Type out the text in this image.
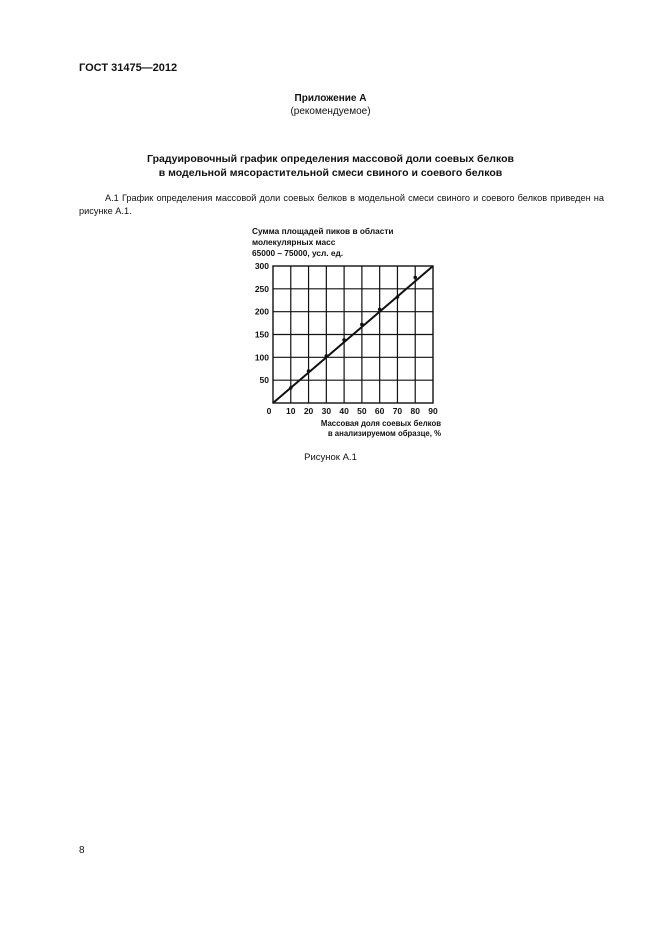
ГОСТ 31475—2012
Приложение А
(рекомендуемое)
Градуировочный график определения массовой доли соевых белков
в модельной мясорастительной смеси свиного и соевого белков
А.1 График определения массовой доли соевых белков в модельной смеси свиного и соевого белков приведен на рисунке А.1.
Сумма площадей пиков в области
молекулярных масс
65000 – 75000, усл. ед.
50
100
150
200
250
300
0 10 20 30 40 50 60 70 80 90
Массовая доля соевых белков
в анализируемом образце, %
Рисунок А.1
8
